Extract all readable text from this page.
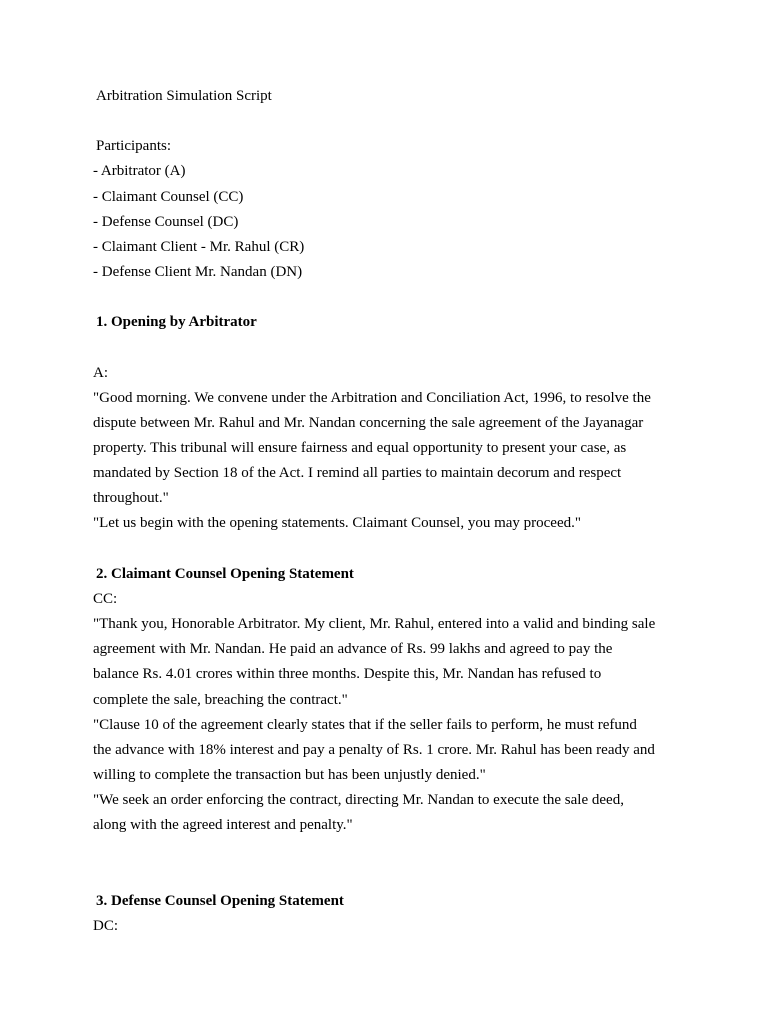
Arbitration Simulation Script
Participants:
- Arbitrator (A)
- Claimant Counsel (CC)
- Defense Counsel (DC)
- Claimant Client - Mr. Rahul (CR)
- Defense Client Mr. Nandan (DN)
1. Opening by Arbitrator
A:
"Good morning. We convene under the Arbitration and Conciliation Act, 1996, to resolve the
dispute between Mr. Rahul and Mr. Nandan concerning the sale agreement of the Jayanagar
property. This tribunal will ensure fairness and equal opportunity to present your case, as
mandated by Section 18 of the Act. I remind all parties to maintain decorum and respect
throughout."
"Let us begin with the opening statements. Claimant Counsel, you may proceed."
2. Claimant Counsel Opening Statement
CC:
"Thank you, Honorable Arbitrator. My client, Mr. Rahul, entered into a valid and binding sale
agreement with Mr. Nandan. He paid an advance of Rs. 99 lakhs and agreed to pay the
balance Rs. 4.01 crores within three months. Despite this, Mr. Nandan has refused to
complete the sale, breaching the contract."
"Clause 10 of the agreement clearly states that if the seller fails to perform, he must refund
the advance with 18% interest and pay a penalty of Rs. 1 crore. Mr. Rahul has been ready and
willing to complete the transaction but has been unjustly denied."
"We seek an order enforcing the contract, directing Mr. Nandan to execute the sale deed,
along with the agreed interest and penalty."
3. Defense Counsel Opening Statement
DC:
